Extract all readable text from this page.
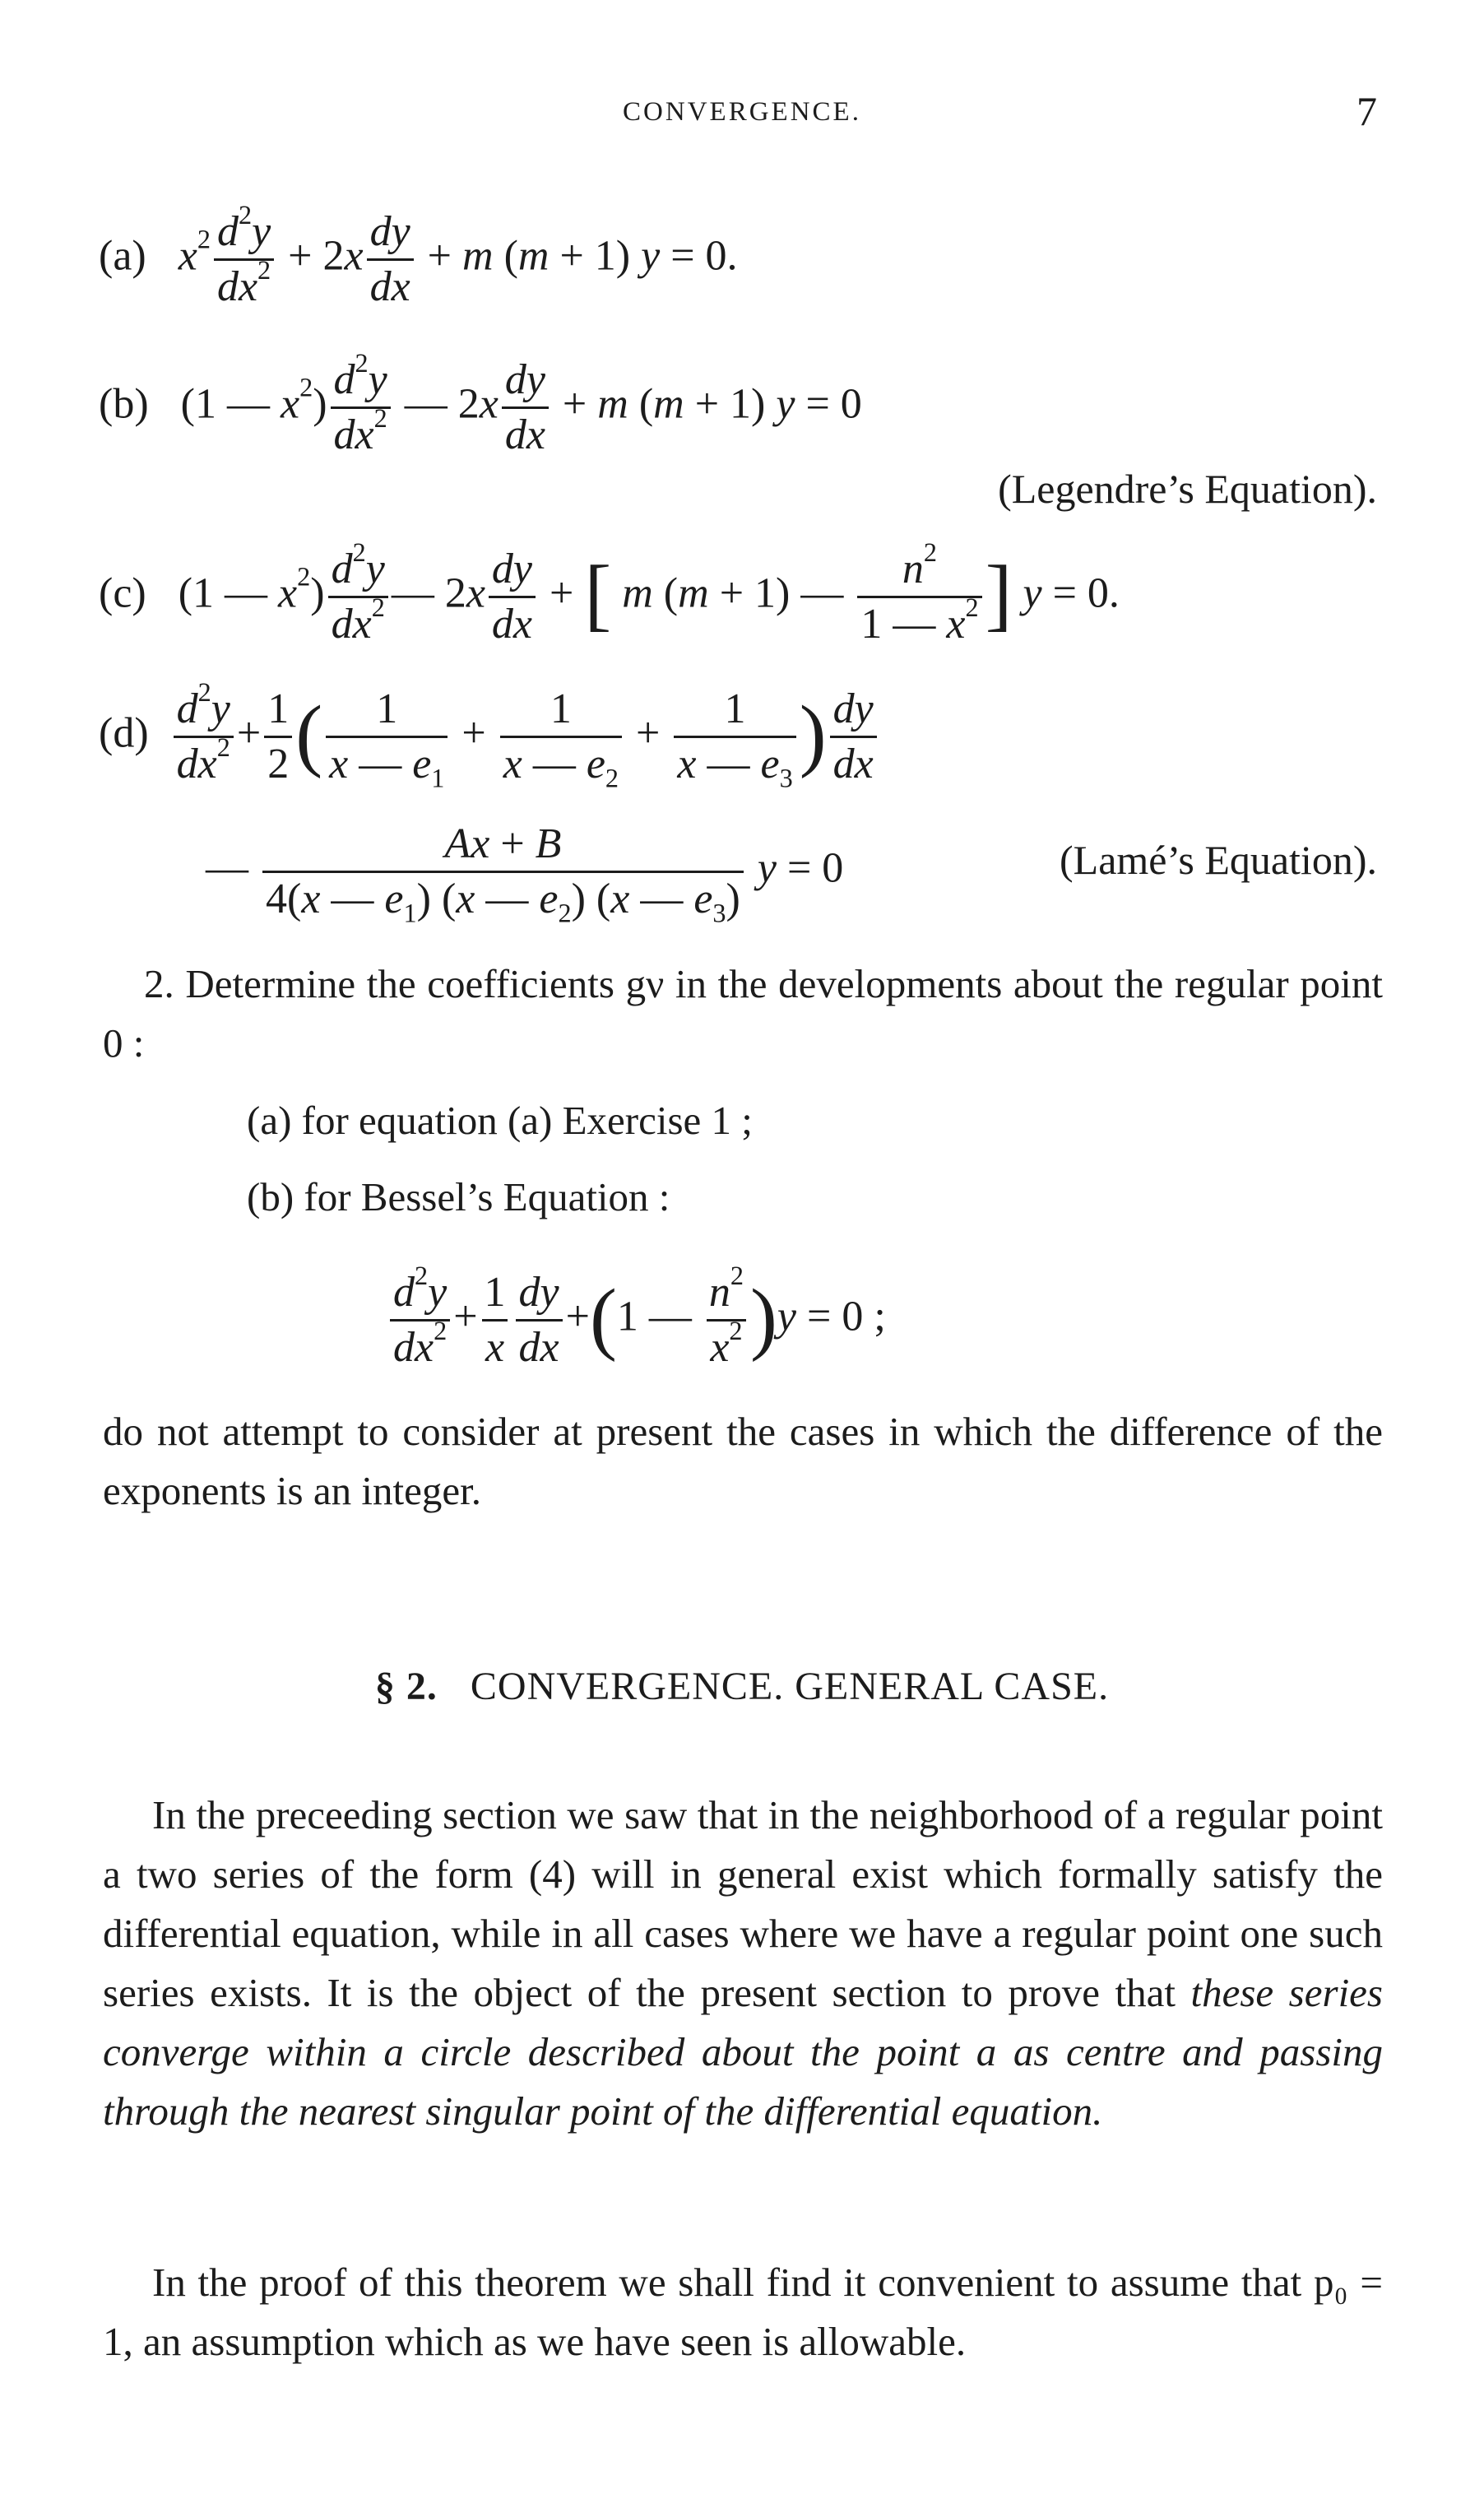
CONVERGENCE.	7
(a)   $x^2 \frac{d^2y}{dx^2} + 2x \frac{dy}{dx} + m$ (m + 1) y = 0.
(b) (1 — $x^2) \frac{d^2y}{dx^2}$ — $2x \frac{dy}{dx} + m$ (m + 1) y = 0
(Legendre’s Equation).
(c) (1 — $x^2) \frac{d^2y}{dx^2}$ — $2x \frac{dy}{dx}$ + [ m (m + 1) — $\frac{n^2}{1 — x^2}$ ] y = 0.
$(d) \frac{d^2y}{dx^2} + \frac{1}{2}$ ( $\frac{1}{x — e_1} + \frac{1}{x — e_2} + \frac{1}{x — e_3}$ ) $\frac{dy}{dx}$
— $\frac{Ax + B}{4(x — e_1) (x — e_2) (x — e_3)}$ y = 0	(Lamé’s Equation).
2. Determine the coefficients gν in the developments about the regular point 0 :
(a) for equation (a) Exercise 1 ;
(b) for Bessel’s Equation :
$\frac{d^2y}{dx^2} + \frac{1}{x} \frac{dy}{dx} +(1$ — $\frac{n^2}{x^2} )y = 0$ ;
do not attempt to consider at present the cases in which the difference of the exponents is an integer.
§ 2. CONVERGENCE. GENERAL CASE.
In the preceeding section we saw that in the neighborhood of a regular point a two series of the form (4) will in general exist which formally satisfy the differential equation, while in all cases where we have a regular point one such series exists. It is the object of the present section to prove that these series converge within a circle described about the point a as centre and passing through the nearest singular point of the differential equation.
In the proof of this theorem we shall find it convenient to assume that p₀ = 1, an assumption which as we have seen is allowable.
